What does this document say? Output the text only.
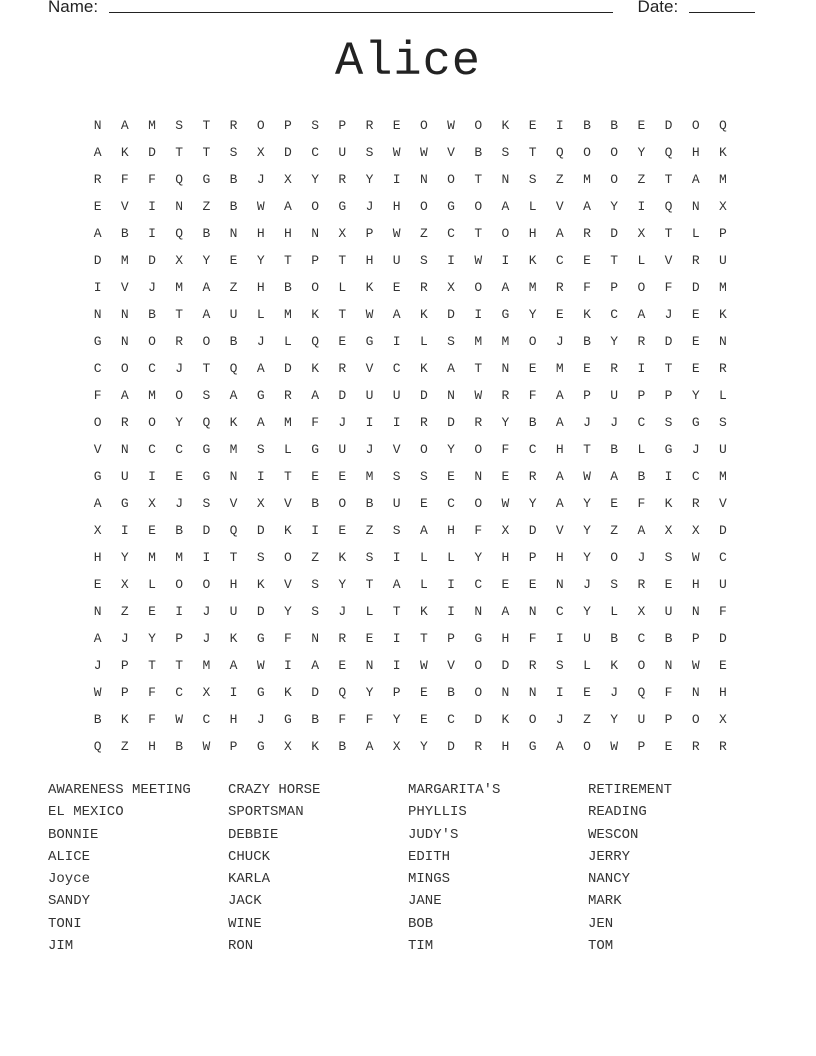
Name:	Date:
Alice
N	A	M	S	T	R	O	P	S	P	R	E	O	W	O	K	E	I	B	B	E	D	O	Q
A	K	D	T	T	S	X	D	C	U	S	W	W	V	B	S	T	Q	O	O	Y	Q	H	K
R	F	F	Q	G	B	J	X	Y	R	Y	I	N	O	T	N	S	Z	M	O	Z	T	A	M
E	V	I	N	Z	B	W	A	O	G	J	H	O	G	O	A	L	V	A	Y	I	Q	N	X
A	B	I	Q	B	N	H	H	N	X	P	W	Z	C	T	O	H	A	R	D	X	T	L	P
D	M	D	X	Y	E	Y	T	P	T	H	U	S	I	W	I	K	C	E	T	L	V	R	U
I	V	J	M	A	Z	H	B	O	L	K	E	R	X	O	A	M	R	F	P	O	F	D	M
N	N	B	T	A	U	L	M	K	T	W	A	K	D	I	G	Y	E	K	C	A	J	E	K
G	N	O	R	O	B	J	L	Q	E	G	I	L	S	M	M	O	J	B	Y	R	D	E	N
C	O	C	J	T	Q	A	D	K	R	V	C	K	A	T	N	E	M	E	R	I	T	E	R
F	A	M	O	S	A	G	R	A	D	U	U	D	N	W	R	F	A	P	U	P	P	Y	L
O	R	O	Y	Q	K	A	M	F	J	I	I	R	D	R	Y	B	A	J	J	C	S	G	S
V	N	C	C	G	M	S	L	G	U	J	V	O	Y	O	F	C	H	T	B	L	G	J	U
G	U	I	E	G	N	I	T	E	E	M	S	S	E	N	E	R	A	W	A	B	I	C	M
A	G	X	J	S	V	X	V	B	O	B	U	E	C	O	W	Y	A	Y	E	F	K	R	V
X	I	E	B	D	Q	D	K	I	E	Z	S	A	H	F	X	D	V	Y	Z	A	X	X	D
H	Y	M	M	I	T	S	O	Z	K	S	I	L	L	Y	H	P	H	Y	O	J	S	W	C
E	X	L	O	O	H	K	V	S	Y	T	A	L	I	C	E	E	N	J	S	R	E	H	U
N	Z	E	I	J	U	D	Y	S	J	L	T	K	I	N	A	N	C	Y	L	X	U	N	F
A	J	Y	P	J	K	G	F	N	R	E	I	T	P	G	H	F	I	U	B	C	B	P	D
J	P	T	T	M	A	W	I	A	E	N	I	W	V	O	D	R	S	L	K	O	N	W	E
W	P	F	C	X	I	G	K	D	Q	Y	P	E	B	O	N	N	I	E	J	Q	F	N	H
B	K	F	W	C	H	J	G	B	F	F	Y	E	C	D	K	O	J	Z	Y	U	P	O	X
Q	Z	H	B	W	P	G	X	K	B	A	X	Y	D	R	H	G	A	O	W	P	E	R	R
AWARENESS MEETING	CRAZY HORSE	MARGARITA'S	RETIREMENT
EL MEXICO	SPORTSMAN	PHYLLIS	READING
BONNIE	DEBBIE	JUDY'S	WESCON
ALICE	CHUCK	EDITH	JERRY
Joyce	KARLA	MINGS	NANCY
SANDY	JACK	JANE	MARK
TONI	WINE	BOB	JEN
JIM	RON	TIM	TOM
